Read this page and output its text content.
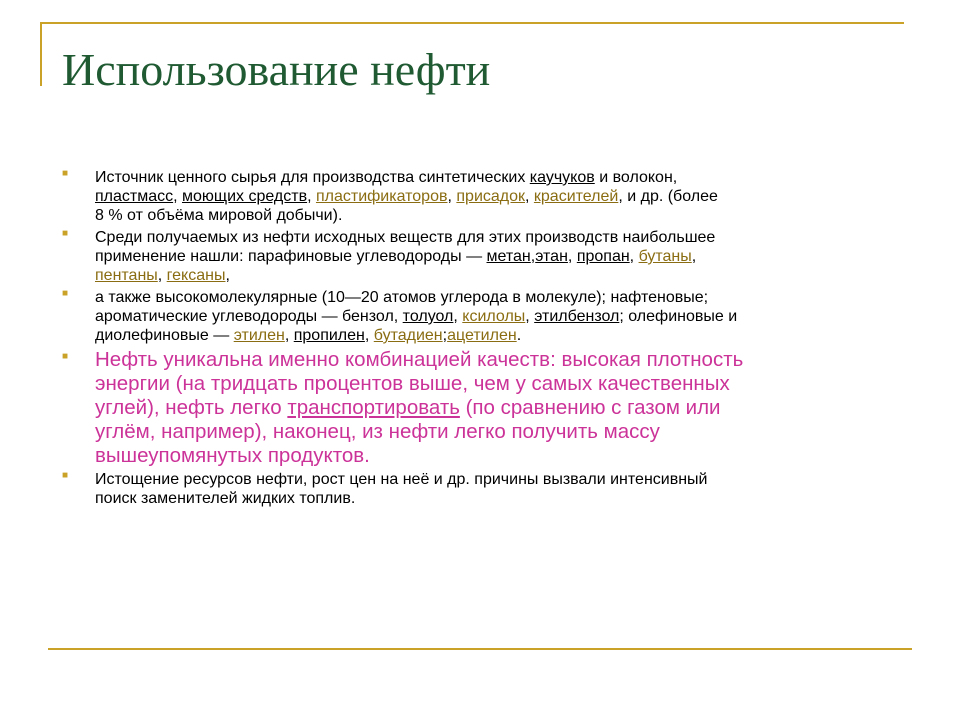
Использование нефти
■ Источник ценного сырья для производства синтетических каучуков и волокон,
пластмасс, моющих средств, пластификаторов, присадок, красителей, и др. (более
8 % от объёма мировой добычи).
■ Среди получаемых из нефти исходных веществ для этих производств наибольшее
применение нашли: парафиновые углеводороды — метан,этан, пропан, бутаны,
пентаны, гексаны,
■ а также высокомолекулярные (10—20 атомов углерода в молекуле); нафтеновые;
ароматические углеводороды — бензол, толуол, ксилолы, этилбензол; олефиновые и
диолефиновые — этилен, пропилен, бутадиен;ацетилен.
■ Нефть уникальна именно комбинацией качеств: высокая плотность
энергии (на тридцать процентов выше, чем у самых качественных
углей), нефть легко транспортировать (по сравнению с газом или
углём, например), наконец, из нефти легко получить массу
вышеупомянутых продуктов.
■ Истощение ресурсов нефти, рост цен на неё и др. причины вызвали интенсивный
поиск заменителей жидких топлив.
